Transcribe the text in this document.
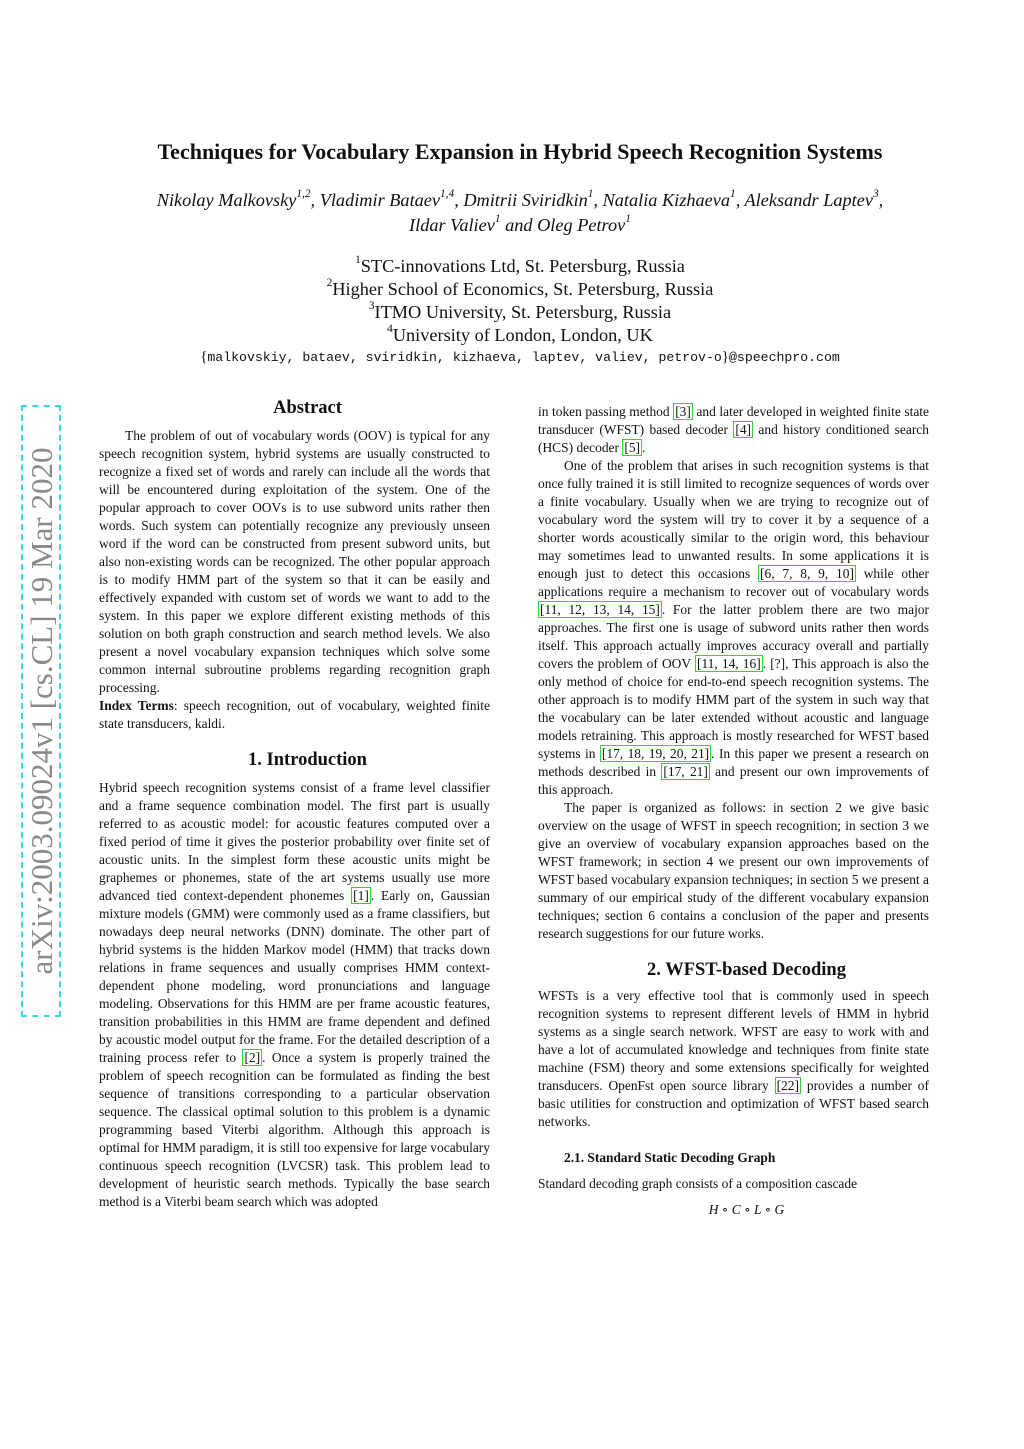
Techniques for Vocabulary Expansion in Hybrid Speech Recognition Systems
Nikolay Malkovsky$^{1,2}$, Vladimir Bataev$^{1,4}$, Dmitrii Sviridkin$^1$, Natalia Kizhaeva$^1$, Aleksandr Laptev$^3$,
Ildar Valiev$^1$ and Oleg Petrov$^1$
$^1$STC-innovations Ltd, St. Petersburg, Russia
$^2$Higher School of Economics, St. Petersburg, Russia
$^3$ITMO University, St. Petersburg, Russia
$^4$University of London, London, UK
{malkovskiy, bataev, sviridkin, kizhaeva, laptev, valiev, petrov-o}@speechpro.com
arXiv:2003.09024v1 [cs.CL] 19 Mar 2020

Abstract

The problem of out of vocabulary words (OOV) is typical for any speech recognition system, hybrid systems are usually constructed to recognize a fixed set of words and rarely can include all the words that will be encountered during exploitation of the system. One of the popular approach to cover OOVs is to use subword units rather then words. Such system can potentially recognize any previously unseen word if the word can be constructed from present subword units, but also non-existing words can be recognized. The other popular approach is to modify HMM part of the system so that it can be easily and effectively expanded with custom set of words we want to add to the system. In this paper we explore different existing methods of this solution on both graph construction and search method levels. We also present a novel vocabulary expansion techniques which solve some common internal subroutine problems regarding recognition graph processing.

Index Terms: speech recognition, out of vocabulary, weighted finite state transducers, kaldi.

1. Introduction

Hybrid speech recognition systems consist of a frame level classifier and a frame sequence combination model. The first part is usually referred to as acoustic model: for acoustic features computed over a fixed period of time it gives the posterior probability over finite set of acoustic units. In the simplest form these acoustic units might be graphemes or phonemes, state of the art systems usually use more advanced tied context-dependent phonemes [1] . Early on, Gaussian mixture models (GMM) were commonly used as a frame classifiers, but nowadays deep neural networks (DNN) dominate. The other part of hybrid systems is the hidden Markov model (HMM) that tracks down relations in frame sequences and usually comprises HMM context-dependent phone modeling, word pronunciations and language modeling. Observations for this HMM are per frame acoustic features, transition probabilities in this HMM are frame dependent and defined by acoustic model output for the frame. For the detailed description of a training process refer to [2] . Once a system is properly trained the problem of speech recognition can be formulated as finding the best sequence of transitions corresponding to a particular observation sequence. The classical optimal solution to this problem is a dynamic programming based Viterbi algorithm. Although this approach is optimal for HMM paradigm, it is still too expensive for large vocabulary continuous speech recognition (LVCSR) task. This problem lead to development of heuristic search methods. Typically the base search method is a Viterbi beam search which was adopted

in token passing method [3] and later developed in weighted finite state transducer (WFST) based decoder [4] and history conditioned search (HCS) decoder [5] .

One of the problem that arises in such recognition systems is that once fully trained it is still limited to recognize sequences of words over a finite vocabulary. Usually when we are trying to recognize out of vocabulary word the system will try to cover it by a sequence of a shorter words acoustically similar to the origin word, this behaviour may sometimes lead to unwanted results. In some applications it is enough just to detect this occasions [6, 7, 8, 9, 10] while other applications require a mechanism to recover out of vocabulary words [11, 12, 13, 14, 15] . For the latter problem there are two major approaches. The first one is usage of subword units rather then words itself. This approach actually improves accuracy overall and partially covers the problem of OOV [11, 14, 16] . [?], This approach is also the only method of choice for end-to-end speech recognition systems. The other approach is to modify HMM part of the system in such way that the vocabulary can be later extended without acoustic and language models retraining. This approach is mostly researched for WFST based systems in [17, 18, 19, 20, 21] . In this paper we present a research on methods described in [17, 21] and present our own improvements of this approach.

The paper is organized as follows: in section 2 we give basic overview on the usage of WFST in speech recognition; in section 3 we give an overview of vocabulary expansion approaches based on the WFST framework; in section 4 we present our own improvements of WFST based vocabulary expansion techniques; in section 5 we present a summary of our empirical study of the different vocabulary expansion techniques; section 6 contains a conclusion of the paper and presents research suggestions for our future works.

2. WFST-based Decoding

WFSTs is a very effective tool that is commonly used in speech recognition systems to represent different levels of HMM in hybrid systems as a single search network. WFST are easy to work with and have a lot of accumulated knowledge and techniques from finite state machine (FSM) theory and some extensions specifically for weighted transducers. OpenFst open source library [22] provides a number of basic utilities for construction and optimization of WFST based search networks.

2.1. Standard Static Decoding Graph

Standard decoding graph consists of a composition cascade

H ∘ C ∘ L ∘ G
